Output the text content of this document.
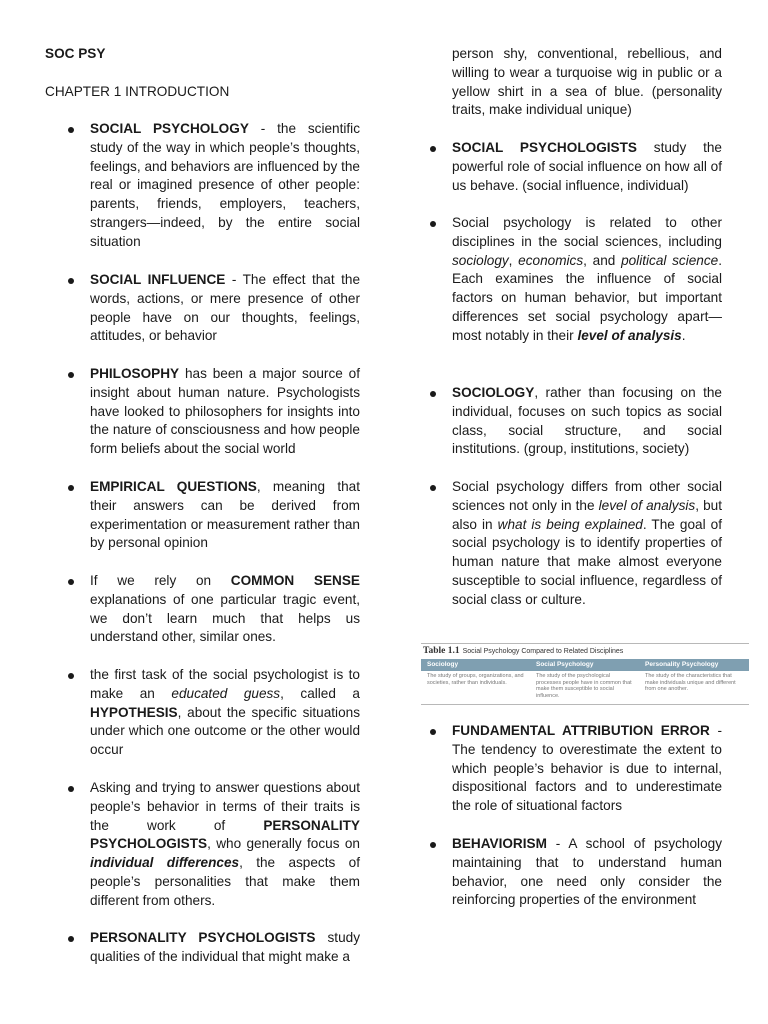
SOC PSY
CHAPTER 1 INTRODUCTION
SOCIAL PSYCHOLOGY - the scientific study of the way in which people’s thoughts, feelings, and behaviors are influenced by the real or imagined presence of other people: parents, friends, employers, teachers, strangers—indeed, by the entire social situation
SOCIAL INFLUENCE - The effect that the words, actions, or mere presence of other people have on our thoughts, feelings, attitudes, or behavior
PHILOSOPHY has been a major source of insight about human nature. Psychologists have looked to philosophers for insights into the nature of consciousness and how people form beliefs about the social world
EMPIRICAL QUESTIONS, meaning that their answers can be derived from experimentation or measurement rather than by personal opinion
If we rely on COMMON SENSE explanations of one particular tragic event, we don’t learn much that helps us understand other, similar ones.
the first task of the social psychologist is to make an educated guess, called a HYPOTHESIS, about the specific situations under which one outcome or the other would occur
Asking and trying to answer questions about people’s behavior in terms of their traits is the work of PERSONALITY PSYCHOLOGISTS, who generally focus on individual differences, the aspects of people’s personalities that make them different from others.
PERSONALITY PSYCHOLOGISTS study qualities of the individual that might make a
person shy, conventional, rebellious, and willing to wear a turquoise wig in public or a yellow shirt in a sea of blue. (personality traits, make individual unique)
SOCIAL PSYCHOLOGISTS study the powerful role of social influence on how all of us behave. (social influence, individual)
Social psychology is related to other disciplines in the social sciences, including sociology, economics, and political science. Each examines the influence of social factors on human behavior, but important differences set social psychology apart—most notably in their level of analysis.
SOCIOLOGY, rather than focusing on the individual, focuses on such topics as social class, social structure, and social institutions. (group, institutions, society)
Social psychology differs from other social sciences not only in the level of analysis, but also in what is being explained. The goal of social psychology is to identify properties of human nature that make almost everyone susceptible to social influence, regardless of social class or culture.
FUNDAMENTAL ATTRIBUTION ERROR - The tendency to overestimate the extent to which people’s behavior is due to internal, dispositional factors and to underestimate the role of situational factors
BEHAVIORISM - A school of psychology maintaining that to understand human behavior, one need only consider the reinforcing properties of the environment
Table 1.1 Social Psychology Compared to Related Disciplines
Sociology	Social Psychology	Personality Psychology
The study of groups, organizations, and societies, rather than individuals.
The study of the psychological processes people have in common that make them susceptible to social influence.
The study of the characteristics that make individuals unique and different from one another.
